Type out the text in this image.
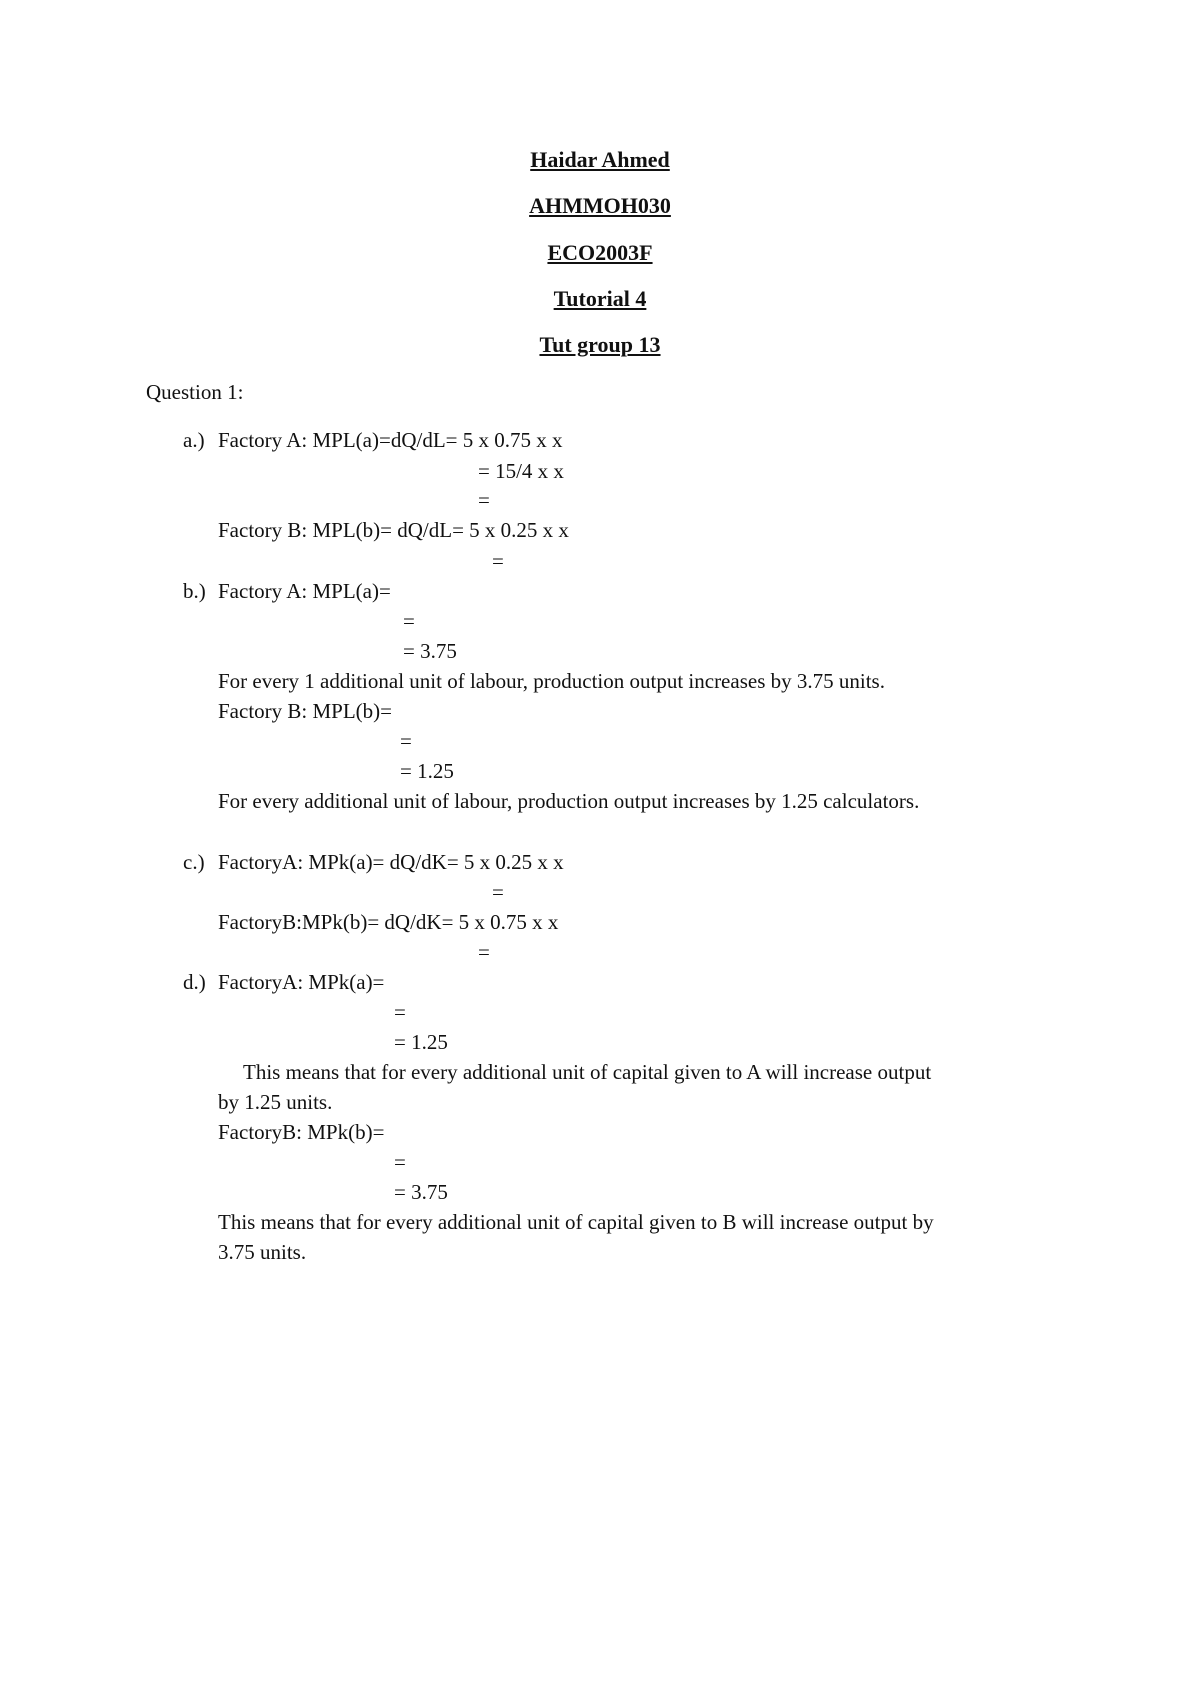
Haidar Ahmed
AHMMOH030
ECO2003F
Tutorial 4
Tut group 13
Question 1:
a.) Factory A: MPL(a)=dQ/dL= 5 x 0.75 x x
= 15/4 x x
=
Factory B: MPL(b)= dQ/dL= 5 x 0.25 x x
=
b.) Factory A: MPL(a)=
=
= 3.75
For every 1 additional unit of labour, production output increases by 3.75 units.
Factory B: MPL(b)=
=
= 1.25
For every additional unit of labour, production output increases by 1.25 calculators.
c.) FactoryA: MPk(a)= dQ/dK= 5 x 0.25 x x
=
FactoryB:MPk(b)= dQ/dK= 5 x 0.75 x x
=
d.) FactoryA: MPk(a)=
=
= 1.25
This means that for every additional unit of capital given to A will increase output
by 1.25 units.
FactoryB: MPk(b)=
=
= 3.75
This means that for every additional unit of capital given to B will increase output by
3.75 units.
